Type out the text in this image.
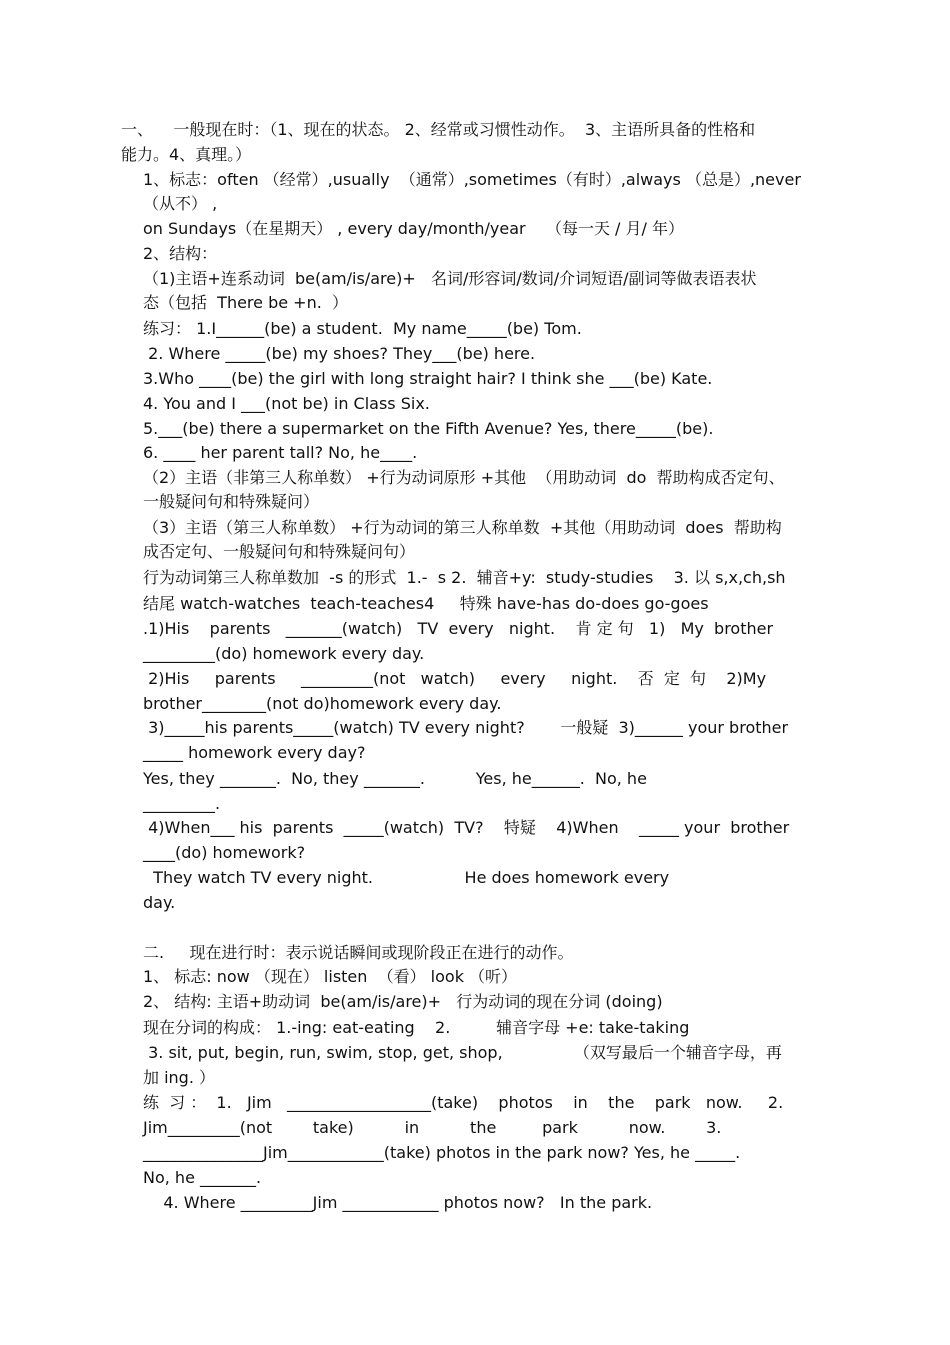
一、    一般现在时：（1、现在的状态。 2、经常或习惯性动作。  3、主语所具备的性格和
能力。4、真理。）
1、标志：often （经常）,usually  （通常）,sometimes（有时）,always （总是）,never
（从不） ,
on Sundays（在星期天） , every day/month/year    （每一天 / 月/ 年）
2、结构：
（1)主语+连系动词  be(am/is/are)+   名词/形容词/数词/介词短语/副词等做表语表状
态（包括  There be +n.  ）
练习： 1.I______(be) a student.  My name_____(be) Tom.
2. Where _____(be) my shoes? They___(be) here.
3.Who ____(be) the girl with long straight hair? I think she ___(be) Kate.
4. You and I ___(not be) in Class Six.
5.___(be) there a supermarket on the Fifth Avenue? Yes, there_____(be).
6. ____ her parent tall? No, he____.
（2）主语（非第三人称单数） +行为动词原形 +其他  （用助动词  do  帮助构成否定句、
一般疑问句和特殊疑问）
（3）主语（第三人称单数） +行为动词的第三人称单数  +其他（用助动词  does  帮助构
成否定句、一般疑问句和特殊疑问句）
行为动词第三人称单数加  -s 的形式  1.-  s 2.  辅音+y:  study-studies    3. 以 s,x,ch,sh
结尾 watch-watches  teach-teaches4     特殊 have-has do-does go-goes
.1)His    parents   _______(watch)   TV  every   night.    肯 定 句   1)   My  brother
_________(do) homework every day.
2)His     parents     _________(not   watch)     every     night.    否  定  句    2)My
brother________(not do)homework every day.
3)_____his parents_____(watch) TV every night?       一般疑  3)______ your brother
_____ homework every day?
Yes, they _______.  No, they _______.          Yes, he______.  No, he
_________.
4)When___ his  parents  _____(watch)  TV?    特疑    4)When    _____ your  brother
____(do) homework?
They watch TV every night.                  He does homework every
day.
二.     现在进行时：表示说话瞬间或现阶段正在进行的动作。
1、 标志: now （现在） listen  （看） look （听）
2、 结构: 主语+助动词  be(am/is/are)+   行为动词的现在分词 (doing)
现在分词的构成： 1.-ing: eat-eating    2.         辅音字母 +e: take-taking
3. sit, put, begin, run, swim, stop, get, shop,              （双写最后一个辅音字母，再
加 ing. ）
练  习 ：  1.   Jim   __________________(take)    photos    in    the    park   now.     2.
Jim_________(not        take)          in          the         park          now.        3.
_______________Jim____________(take) photos in the park now? Yes, he _____.
No, he _______.
4. Where _________Jim ____________ photos now?   In the park.
